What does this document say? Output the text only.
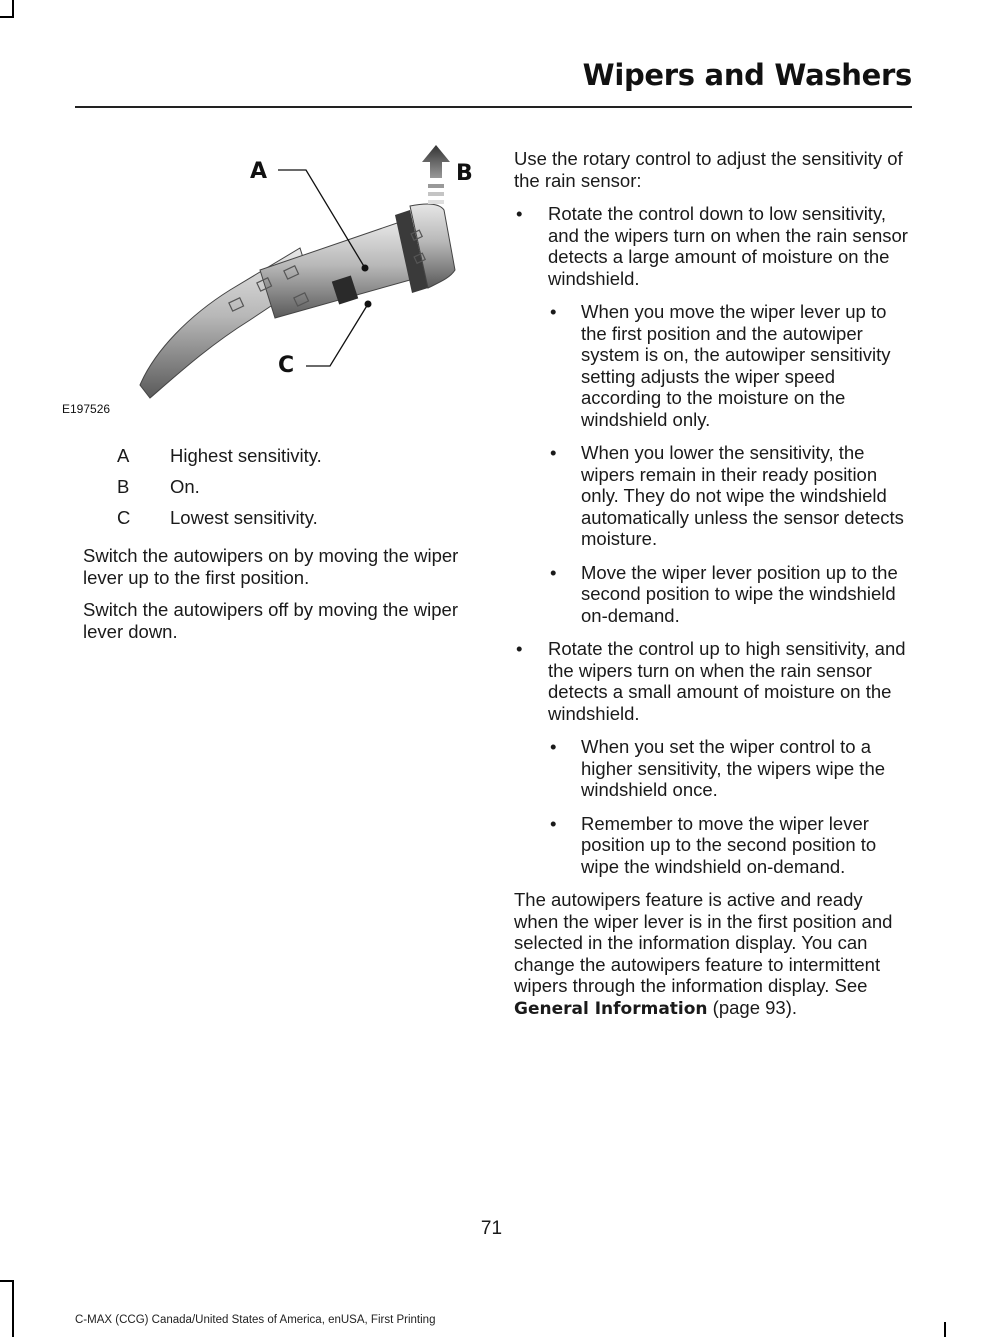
Wipers and Washers
A	B
C
E197526
A	Highest sensitivity.
B	On.
C	Lowest sensitivity.
Switch the autowipers on by moving the wiper lever up to the first position.
Switch the autowipers off by moving the wiper lever down.

Use the rotary control to adjust the sensitivity of the rain sensor:

• Rotate the control down to low sensitivity, and the wipers turn on when the rain sensor detects a large amount of moisture on the windshield.
• When you move the wiper lever up to the first position and the autowiper system is on, the autowiper sensitivity setting adjusts the wiper speed according to the moisture on the windshield only.
• When you lower the sensitivity, the wipers remain in their ready position only. They do not wipe the windshield automatically unless the sensor detects moisture.
• Move the wiper lever position up to the second position to wipe the windshield on-demand.
• Rotate the control up to high sensitivity, and the wipers turn on when the rain sensor detects a small amount of moisture on the windshield.
• When you set the wiper control to a higher sensitivity, the wipers wipe the windshield once.
• Remember to move the wiper lever position up to the second position to wipe the windshield on-demand.

The autowipers feature is active and ready when the wiper lever is in the first position and selected in the information display. You can change the autowipers feature to intermittent wipers through the information display. See General Information (page 93).

71
C-MAX (CCG) Canada/United States of America, enUSA, First Printing
